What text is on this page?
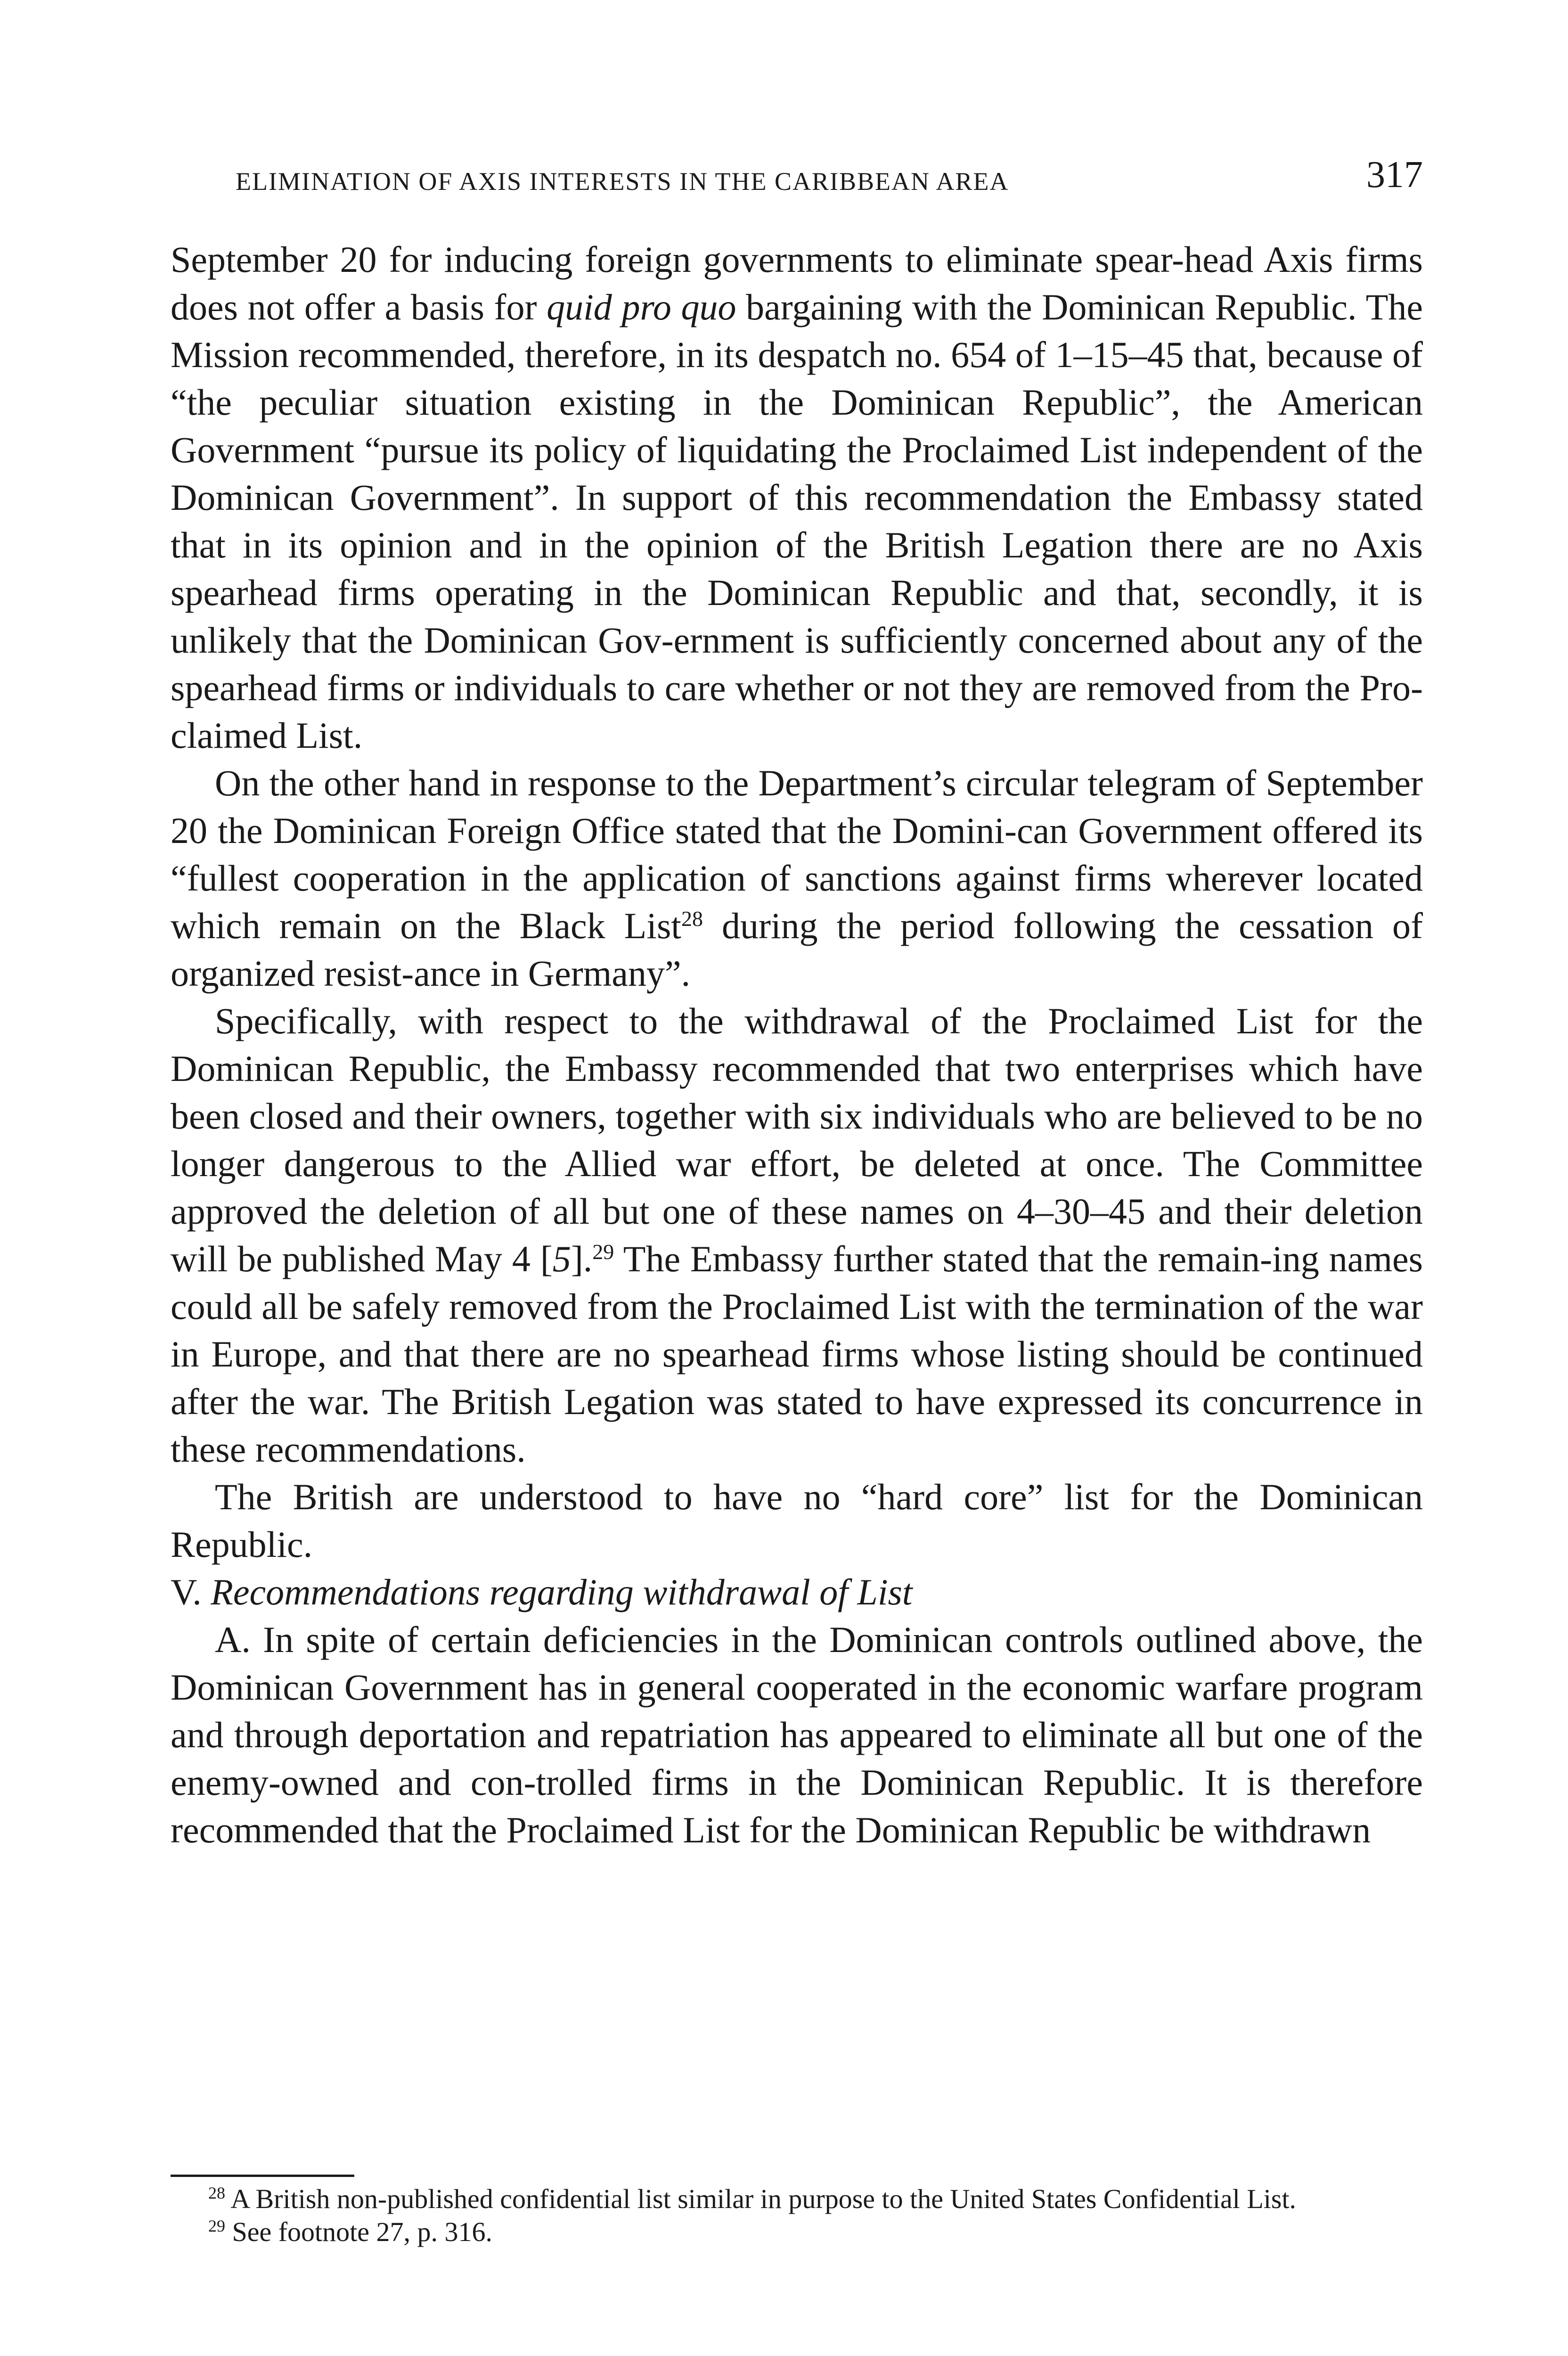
ELIMINATION OF AXIS INTERESTS IN THE CARIBBEAN AREA	317

September 20 for inducing foreign governments to eliminate spear-head Axis firms does not offer a basis for quid pro quo bargaining with the Dominican Republic. The Mission recommended, therefore, in its despatch no. 654 of 1–15–45 that, because of “the peculiar situation existing in the Dominican Republic”, the American Government “pursue its policy of liquidating the Proclaimed List independent of the Dominican Government”. In support of this recommendation the Embassy stated that in its opinion and in the opinion of the British Legation there are no Axis spearhead firms operating in the Dominican Republic and that, secondly, it is unlikely that the Dominican Gov-ernment is sufficiently concerned about any of the spearhead firms or individuals to care whether or not they are removed from the Pro-claimed List.

On the other hand in response to the Department’s circular telegram of September 20 the Dominican Foreign Office stated that the Domini-can Government offered its “fullest cooperation in the application of sanctions against firms wherever located which remain on the Black List$^{28}$ during the period following the cessation of organized resist-ance in Germany”.

Specifically, with respect to the withdrawal of the Proclaimed List for the Dominican Republic, the Embassy recommended that two enterprises which have been closed and their owners, together with six individuals who are believed to be no longer dangerous to the Allied war effort, be deleted at once. The Committee approved the deletion of all but one of these names on 4–30–45 and their deletion will be published May 4 [5].$^{29}$ The Embassy further stated that the remain-ing names could all be safely removed from the Proclaimed List with the termination of the war in Europe, and that there are no spearhead firms whose listing should be continued after the war. The British Legation was stated to have expressed its concurrence in these recommendations.

The British are understood to have no “hard core” list for the Dominican Republic.

V. Recommendations regarding withdrawal of List

A. In spite of certain deficiencies in the Dominican controls outlined above, the Dominican Government has in general cooperated in the economic warfare program and through deportation and repatriation has appeared to eliminate all but one of the enemy-owned and con-trolled firms in the Dominican Republic. It is therefore recommended that the Proclaimed List for the Dominican Republic be withdrawn

$^{28}$ A British non-published confidential list similar in purpose to the United States Confidential List.

$^{29}$ See footnote 27, p. 316.
